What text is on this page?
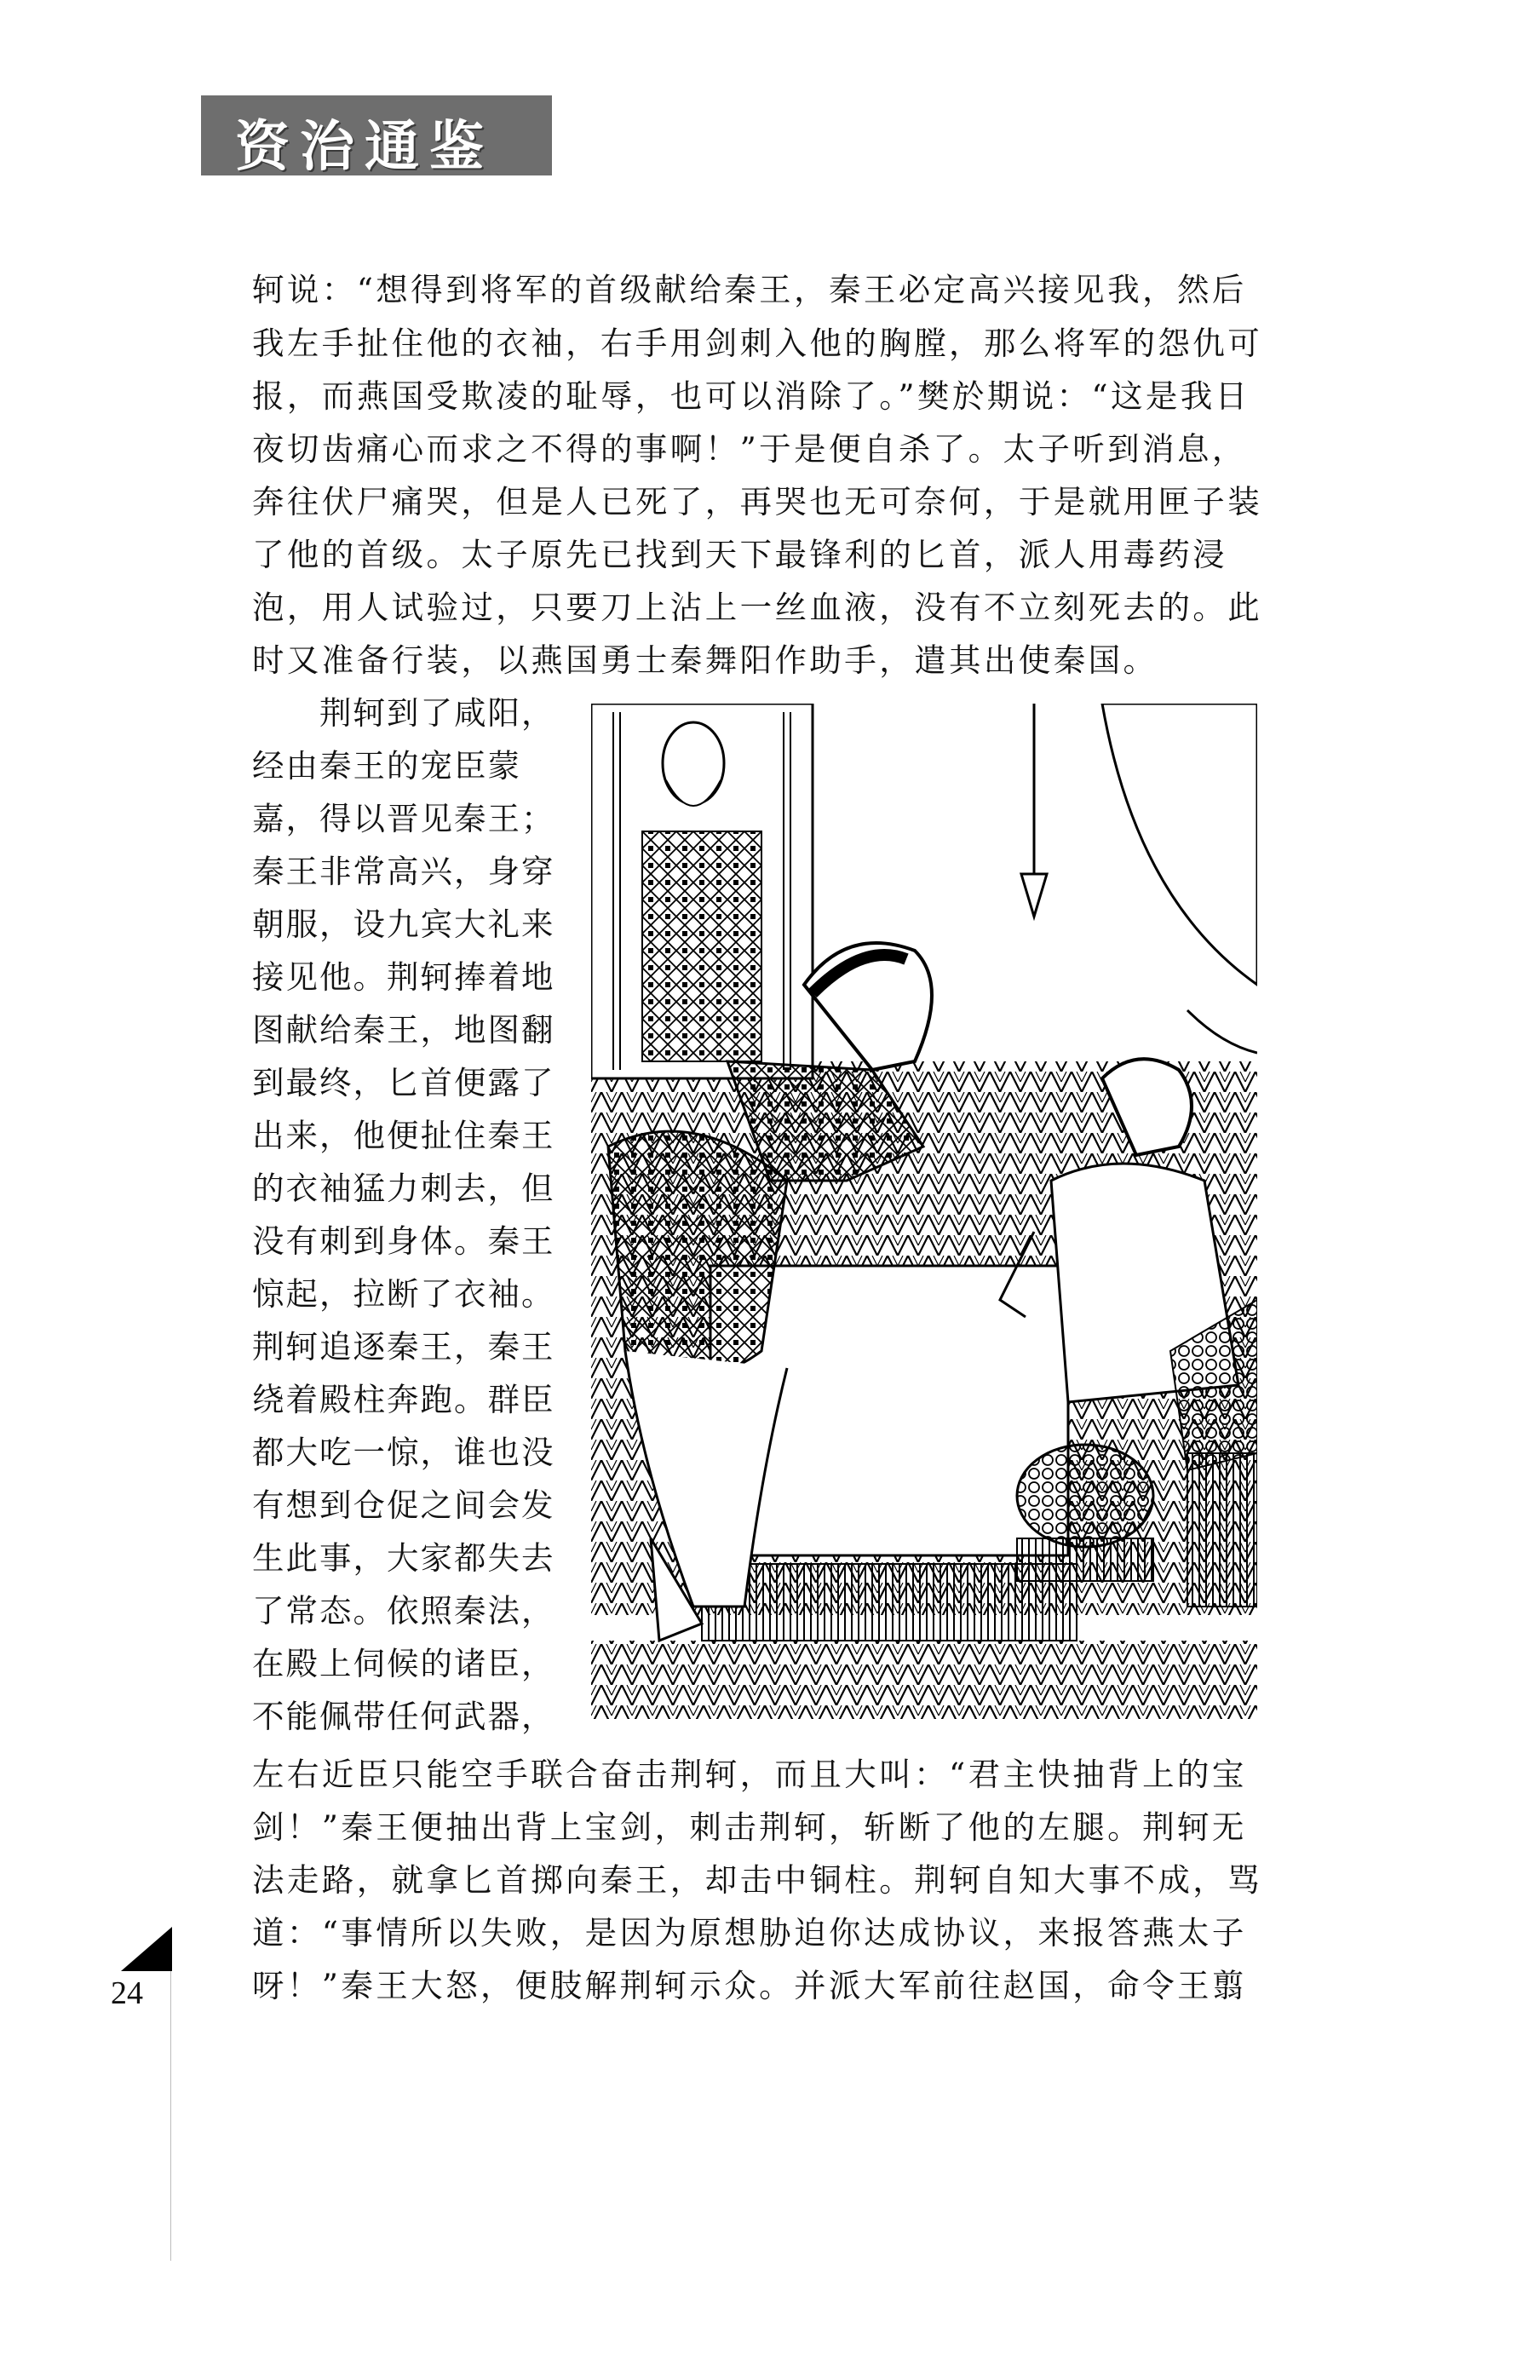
资治通鉴
轲说：“想得到将军的首级献给秦王，秦王必定高兴接见我，然后
我左手扯住他的衣袖，右手用剑刺入他的胸膛，那么将军的怨仇可
报，而燕国受欺凌的耻辱，也可以消除了。”樊於期说：“这是我日
夜切齿痛心而求之不得的事啊！”于是便自杀了。太子听到消息，
奔往伏尸痛哭，但是人已死了，再哭也无可奈何，于是就用匣子装
了他的首级。太子原先已找到天下最锋利的匕首，派人用毒药浸
泡，用人试验过，只要刀上沾上一丝血液，没有不立刻死去的。此
时又准备行装，以燕国勇士秦舞阳作助手，遣其出使秦国。
　　荆轲到了咸阳，
经由秦王的宠臣蒙
嘉，得以晋见秦王；
秦王非常高兴，身穿
朝服，设九宾大礼来
接见他。荆轲捧着地
图献给秦王，地图翻
到最终，匕首便露了
出来，他便扯住秦王
的衣袖猛力刺去，但
没有刺到身体。秦王
惊起，拉断了衣袖。
荆轲追逐秦王，秦王
绕着殿柱奔跑。群臣
都大吃一惊，谁也没
有想到仓促之间会发
生此事，大家都失去
了常态。依照秦法，
在殿上伺候的诸臣，
不能佩带任何武器，
左右近臣只能空手联合奋击荆轲，而且大叫：“君主快抽背上的宝
剑！”秦王便抽出背上宝剑，刺击荆轲，斩断了他的左腿。荆轲无
法走路，就拿匕首掷向秦王，却击中铜柱。荆轲自知大事不成，骂
道：“事情所以失败，是因为原想胁迫你达成协议，来报答燕太子
呀！”秦王大怒，便肢解荆轲示众。并派大军前往赵国，命令王翦
24
